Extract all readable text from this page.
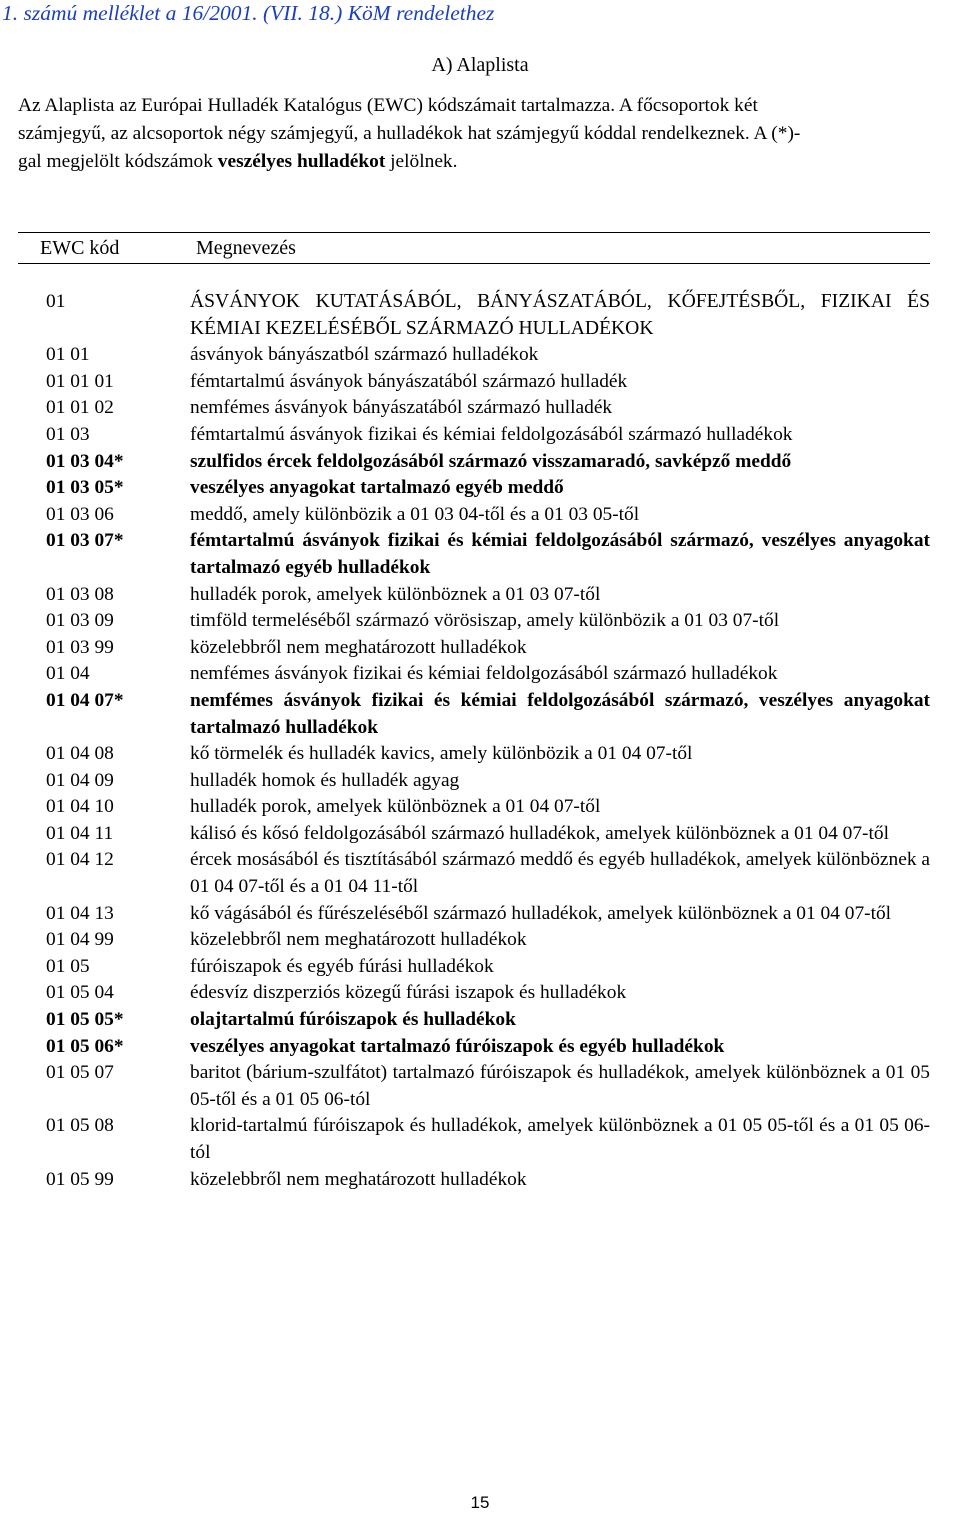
1. számú melléklet a 16/2001. (VII. 18.) KöM rendelethez
A) Alaplista
Az Alaplista az Európai Hulladék Katalógus (EWC) kódszámait tartalmazza. A főcsoportok két
számjegyű, az alcsoportok négy számjegyű, a hulladékok hat számjegyű kóddal rendelkeznek. A (*)-
gal megjelölt kódszámok veszélyes hulladékot jelölnek.
EWC kód	Megnevezés
01	ÁSVÁNYOK KUTATÁSÁBÓL, BÁNYÁSZATÁBÓL, KŐFEJTÉSBŐL, FIZIKAI ÉS KÉMIAI KEZELÉSÉBŐL SZÁRMAZÓ HULLADÉKOK
01 01	ásványok bányászatból származó hulladékok
01 01 01	fémtartalmú ásványok bányászatából származó hulladék
01 01 02	nemfémes ásványok bányászatából származó hulladék
01 03	fémtartalmú ásványok fizikai és kémiai feldolgozásából származó hulladékok
01 03 04*	szulfidos ércek feldolgozásából származó visszamaradó, savképző meddő
01 03 05*	veszélyes anyagokat tartalmazó egyéb meddő
01 03 06	meddő, amely különbözik a 01 03 04-től és a 01 03 05-től
01 03 07*	fémtartalmú ásványok fizikai és kémiai feldolgozásából származó, veszélyes anyagokat tartalmazó egyéb hulladékok
01 03 08	hulladék porok, amelyek különböznek a 01 03 07-től
01 03 09	timföld termeléséből származó vörösiszap, amely különbözik a 01 03 07-től
01 03 99	közelebbről nem meghatározott hulladékok
01 04	nemfémes ásványok fizikai és kémiai feldolgozásából származó hulladékok
01 04 07*	nemfémes ásványok fizikai és kémiai feldolgozásából származó, veszélyes anyagokat tartalmazó hulladékok
01 04 08	kő törmelék és hulladék kavics, amely különbözik a 01 04 07-től
01 04 09	hulladék homok és hulladék agyag
01 04 10	hulladék porok, amelyek különböznek a 01 04 07-től
01 04 11	kálisó és kősó feldolgozásából származó hulladékok, amelyek különböznek a 01 04 07-től
01 04 12	ércek mosásából és tisztításából származó meddő és egyéb hulladékok, amelyek különböznek a 01 04 07-től és a 01 04 11-től
01 04 13	kő vágásából és fűrészeléséből származó hulladékok, amelyek különböznek a 01 04 07-től
01 04 99	közelebbről nem meghatározott hulladékok
01 05	fúróiszapok és egyéb fúrási hulladékok
01 05 04	édesvíz diszperziós közegű fúrási iszapok és hulladékok
01 05 05*	olajtartalmú fúróiszapok és hulladékok
01 05 06*	veszélyes anyagokat tartalmazó fúróiszapok és egyéb hulladékok
01 05 07	baritot (bárium-szulfátot) tartalmazó fúróiszapok és hulladékok, amelyek különböznek a 01 05 05-től és a 01 05 06-tól
01 05 08	klorid-tartalmú fúróiszapok és hulladékok, amelyek különböznek a 01 05 05-től és a 01 05 06-tól
01 05 99	közelebbről nem meghatározott hulladékok
15
